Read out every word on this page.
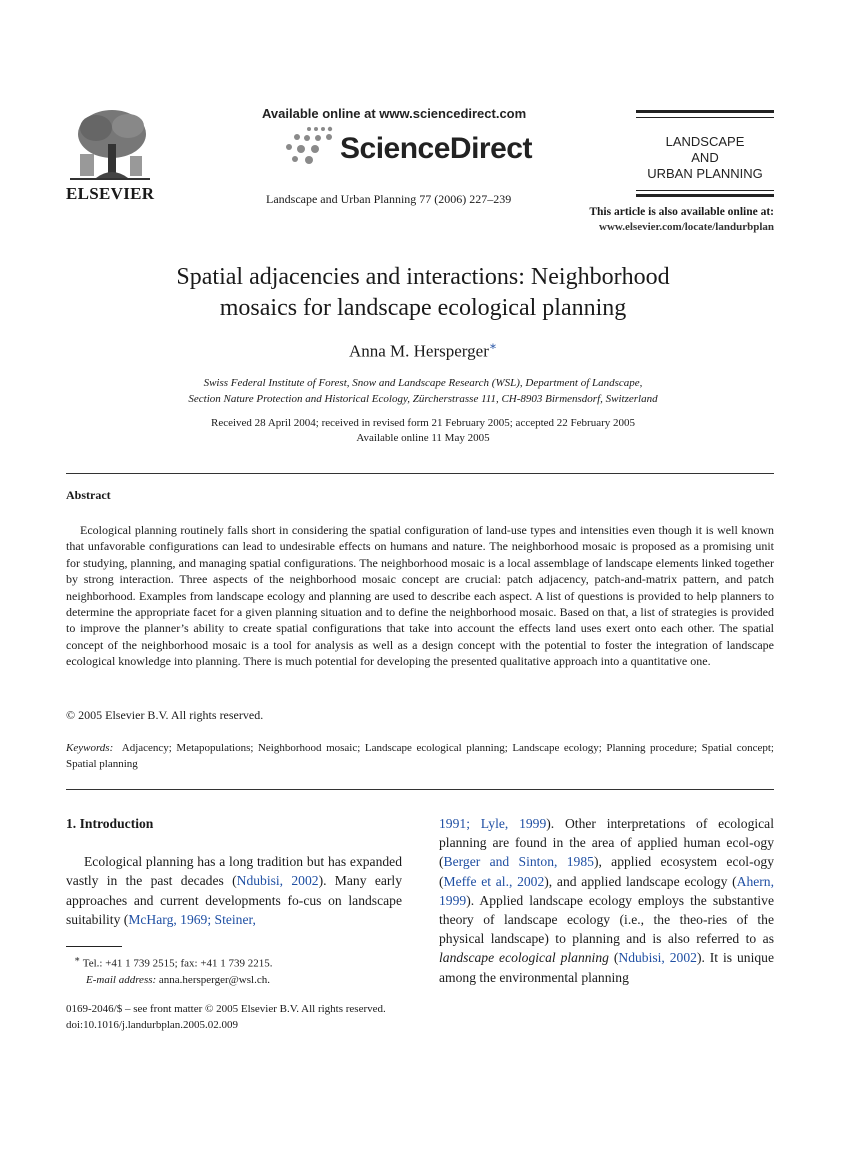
ELSEVIER
Available online at www.sciencedirect.com
ScienceDirect
Landscape and Urban Planning 77 (2006) 227–239
LANDSCAPE
AND
URBAN PLANNING
This article is also available online at:
www.elsevier.com/locate/landurbplan
Spatial adjacencies and interactions: Neighborhood
mosaics for landscape ecological planning
Anna M. Hersperger∗
Swiss Federal Institute of Forest, Snow and Landscape Research (WSL), Department of Landscape,
Section Nature Protection and Historical Ecology, Zürcherstrasse 111, CH-8903 Birmensdorf, Switzerland
Received 28 April 2004; received in revised form 21 February 2005; accepted 22 February 2005
Available online 11 May 2005
Abstract

Ecological planning routinely falls short in considering the spatial configuration of land-use types and intensities even though it is well known that unfavorable configurations can lead to undesirable effects on humans and nature. The neighborhood mosaic is proposed as a promising unit for studying, planning, and managing spatial configurations. The neighborhood mosaic is a local assemblage of landscape elements linked together by strong interaction. Three aspects of the neighborhood mosaic concept are crucial: patch adjacency, patch-and-matrix pattern, and patch neighborhood. Examples from landscape ecology and planning are used to describe each aspect. A list of questions is provided to help planners to determine the appropriate facet for a given planning situation and to define the neighborhood mosaic. Based on that, a list of strategies is provided to improve the planner’s ability to create spatial configurations that take into account the effects land uses exert onto each other. The spatial concept of the neighborhood mosaic is a tool for analysis as well as a design concept with the potential to foster the integration of landscape ecological knowledge into planning. There is much potential for developing the presented qualitative approach into a quantitative one.

© 2005 Elsevier B.V. All rights reserved.
Keywords: Adjacency; Metapopulations; Neighborhood mosaic; Landscape ecological planning; Landscape ecology; Planning procedure; Spatial concept; Spatial planning
1. Introduction

Ecological planning has a long tradition but has expanded vastly in the past decades (Ndubisi, 2002). Many early approaches and current developments fo-cus on landscape suitability (McHarg, 1969; Steiner,

∗ Tel.: +41 1 739 2515; fax: +41 1 739 2215.
E-mail address: anna.hersperger@wsl.ch.
0169-2046/$ – see front matter © 2005 Elsevier B.V. All rights reserved.
doi:10.1016/j.landurbplan.2005.02.009

1991; Lyle, 1999). Other interpretations of ecological planning are found in the area of applied human ecol-ogy (Berger and Sinton, 1985), applied ecosystem ecol-ogy (Meffe et al., 2002), and applied landscape ecology (Ahern, 1999). Applied landscape ecology employs the substantive theory of landscape ecology (i.e., the theo-ries of the physical landscape) to planning and is also referred to as landscape ecological planning (Ndubisi, 2002). It is unique among the environmental planning
